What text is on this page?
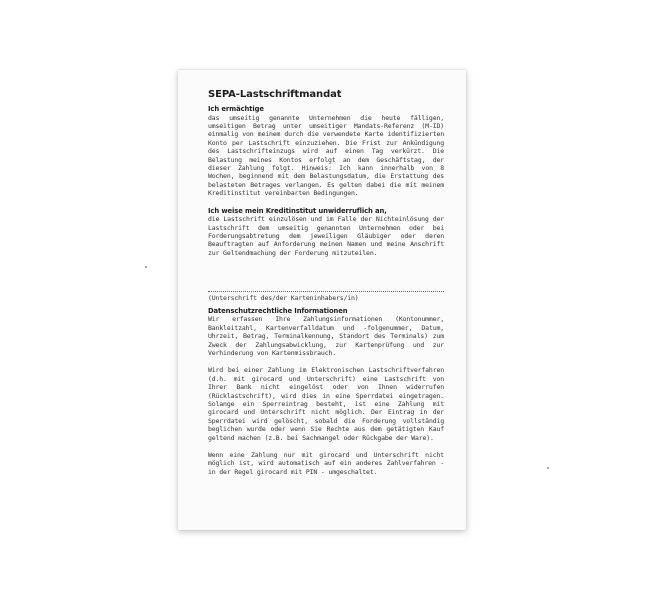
SEPA-Lastschriftmandat
Ich ermächtige
das umseitig genannte Unternehmen die heute fälligen, umseitigen Betrag unter umseitiger Mandats-Referenz (M-ID) einmalig von meinem durch die verwendete Karte identifizierten Konto per Lastschrift einzuziehen. Die Frist zur Ankündigung des Lastschrifteinzugs wird auf einen Tag verkürzt. Die Belastung meines Kontos erfolgt an dem Geschäftstag, der dieser Zahlung folgt. Hinweis: Ich kann innerhalb von 8 Wochen, beginnend mit dem Belastungsdatum, die Erstattung des belasteten Betrages verlangen. Es gelten dabei die mit meinem Kreditinstitut vereinbarten Bedingungen.
Ich weise mein Kreditinstitut unwiderruflich an,
die Lastschrift einzulösen und im Falle der Nichteinlösung der Lastschrift dem umseitig genannten Unternehmen oder bei Forderungsabtretung dem jeweiligen Gläubiger oder deren Beauftragten auf Anforderung meinen Namen und meine Anschrift zur Geltendmachung der Forderung mitzuteilen.
(Unterschrift des/der Karteninhabers/in)
Datenschutzrechtliche Informationen
Wir erfassen Ihre Zahlungsinformationen (Kontonummer, Bankleitzahl, Kartenverfalldatum und -folgenummer, Datum, Uhrzeit, Betrag, Terminalkennung, Standort des Terminals) zum Zweck der Zahlungsabwicklung, zur Kartenprüfung und zur Verhinderung von Kartenmissbrauch.
Wird bei einer Zahlung im Elektronischen Lastschriftverfahren (d.h. mit girocard und Unterschrift) eine Lastschrift von Ihrer Bank nicht eingelöst oder von Ihnen widerrufen (Rücklastschrift), wird dies in eine Sperrdatei eingetragen. Solange ein Sperreintrag besteht, ist eine Zahlung mit girocard und Unterschrift nicht möglich. Der Eintrag in der Sperrdatei wird gelöscht, sobald die Forderung vollständig beglichen wurde oder wenn Sie Rechte aus dem getätigten Kauf geltend machen (z.B. bei Sachmangel oder Rückgabe der Ware).
Wenn eine Zahlung nur mit girocard und Unterschrift nicht möglich ist, wird automatisch auf ein anderes Zahlverfahren - in der Regel girocard mit PIN - umgeschaltet.
